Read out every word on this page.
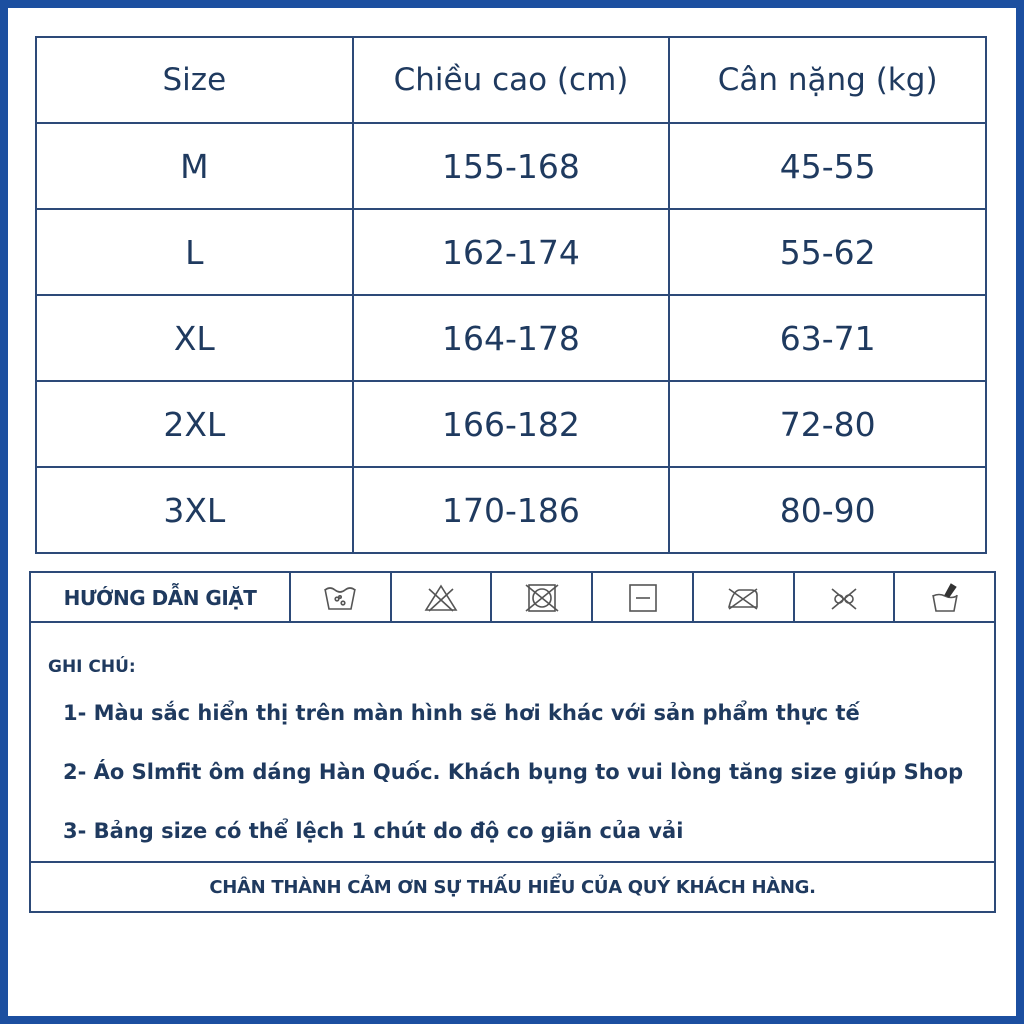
Size	Chiều cao (cm)	Cân nặng (kg)
M	155-168	45-55
L	162-174	55-62
XL	164-178	63-71
2XL	166-182	72-80
3XL	170-186	80-90
HƯỚNG DẪN GIẶT
GHI CHÚ:
1- Màu sắc hiển thị trên màn hình sẽ hơi khác với sản phẩm thực tế
2- Áo Slmfit ôm dáng Hàn Quốc. Khách bụng to vui lòng tăng size giúp Shop
3- Bảng size có thể lệch 1 chút do độ co giãn của vải
CHÂN THÀNH CẢM ƠN SỰ THẤU HIỂU CỦA QUÝ KHÁCH HÀNG.
